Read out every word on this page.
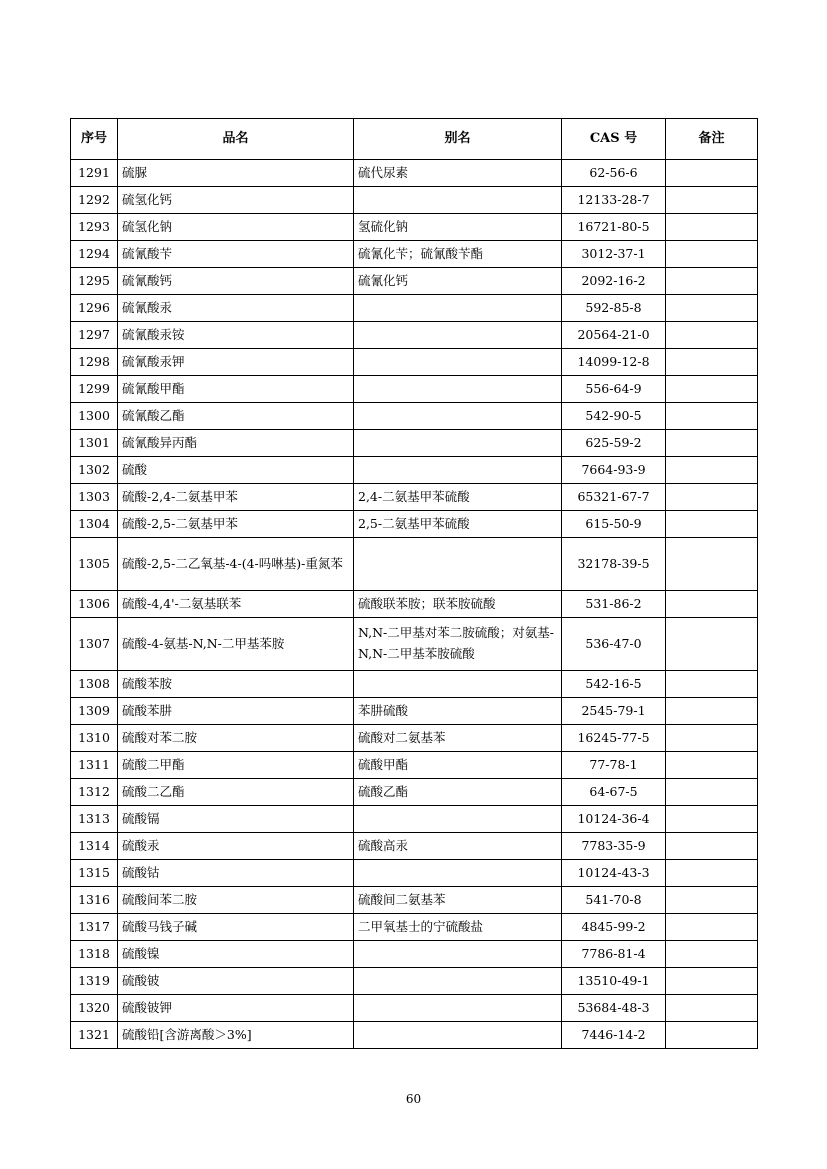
序号	品名	别名	CAS 号	备注
1291	硫脲	硫代尿素	62-56-6	
1292	硫氢化钙		12133-28-7	
1293	硫氢化钠	氢硫化钠	16721-80-5	
1294	硫氰酸苄	硫氰化苄；硫氰酸苄酯	3012-37-1	
1295	硫氰酸钙	硫氰化钙	2092-16-2	
1296	硫氰酸汞		592-85-8	
1297	硫氰酸汞铵		20564-21-0	
1298	硫氰酸汞钾		14099-12-8	
1299	硫氰酸甲酯		556-64-9	
1300	硫氰酸乙酯		542-90-5	
1301	硫氰酸异丙酯		625-59-2	
1302	硫酸		7664-93-9	
1303	硫酸-2,4-二氨基甲苯	2,4-二氨基甲苯硫酸	65321-67-7	
1304	硫酸-2,5-二氨基甲苯	2,5-二氨基甲苯硫酸	615-50-9	
1305	硫酸-2,5-二乙氧基-4-(4-吗啉基)-重氮苯		32178-39-5	
1306	硫酸-4,4'-二氨基联苯	硫酸联苯胺；联苯胺硫酸	531-86-2	
1307	硫酸-4-氨基-N,N-二甲基苯胺	N,N-二甲基对苯二胺硫酸；对氨基-N,N-二甲基苯胺硫酸	536-47-0	
1308	硫酸苯胺		542-16-5	
1309	硫酸苯肼	苯肼硫酸	2545-79-1	
1310	硫酸对苯二胺	硫酸对二氨基苯	16245-77-5	
1311	硫酸二甲酯	硫酸甲酯	77-78-1	
1312	硫酸二乙酯	硫酸乙酯	64-67-5	
1313	硫酸镉		10124-36-4	
1314	硫酸汞	硫酸高汞	7783-35-9	
1315	硫酸钴		10124-43-3	
1316	硫酸间苯二胺	硫酸间二氨基苯	541-70-8	
1317	硫酸马钱子碱	二甲氧基士的宁硫酸盐	4845-99-2	
1318	硫酸镍		7786-81-4	
1319	硫酸铍		13510-49-1	
1320	硫酸铍钾		53684-48-3	
1321	硫酸铅[含游离酸＞3%]		7446-14-2	
60
